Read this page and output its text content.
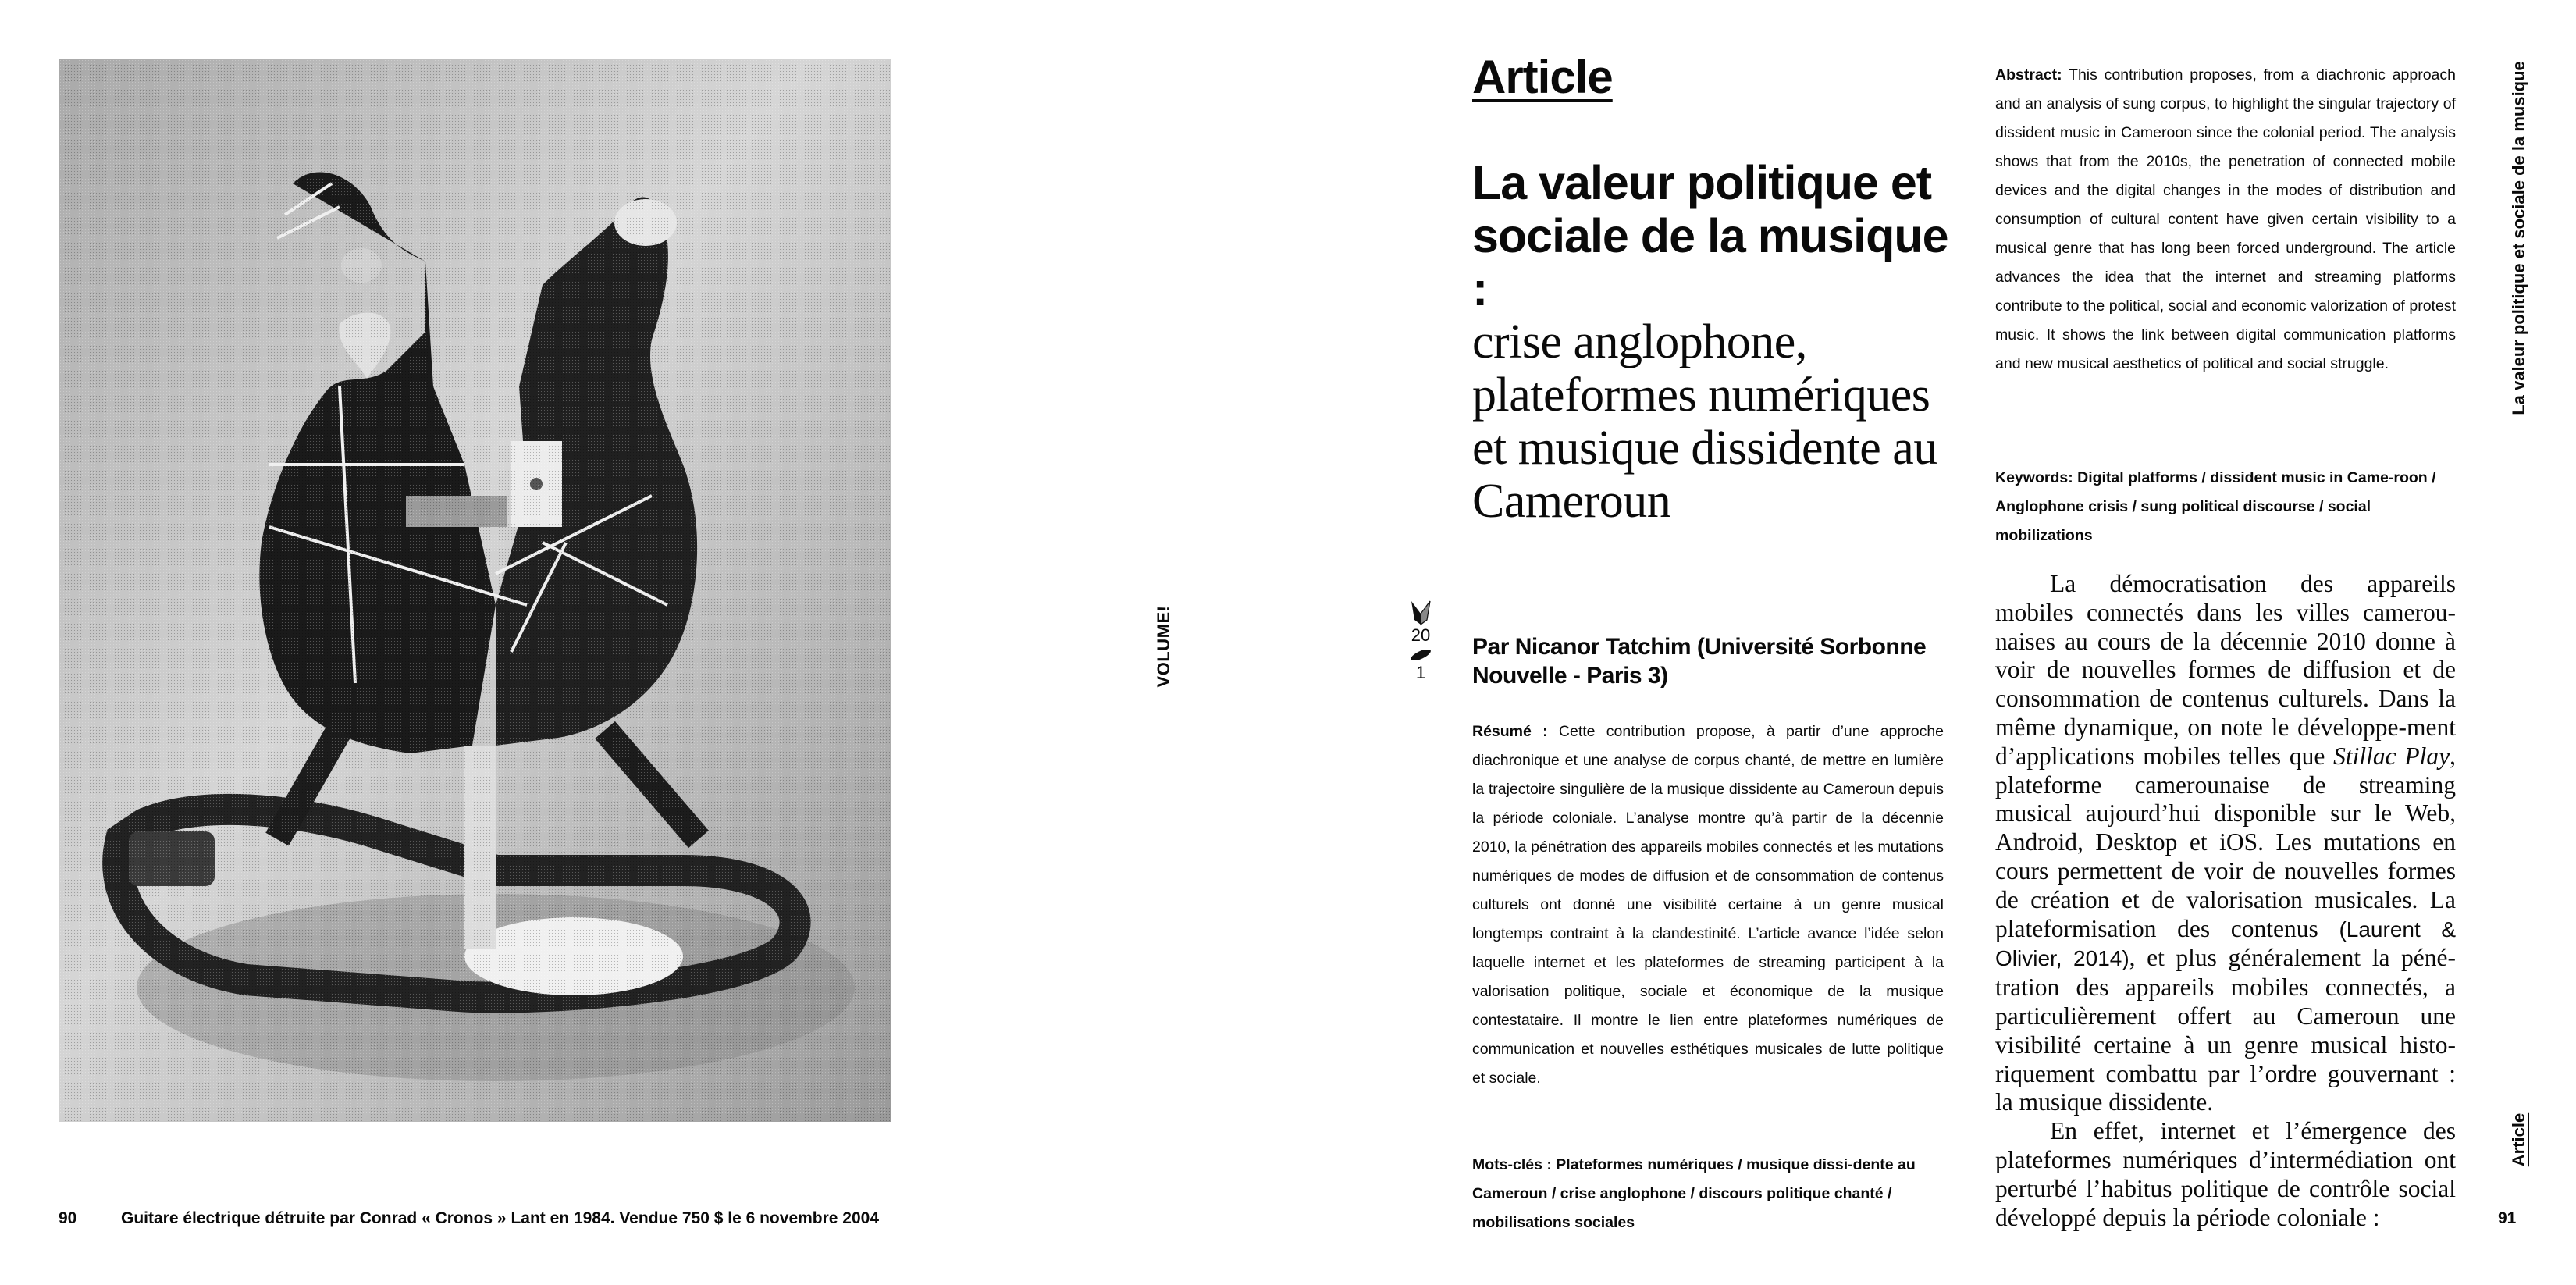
90	Guitare électrique détruite par Conrad « Cronos » Lant en 1984. Vendue 750 $ le 6 novembre 2004
VOLUME!	20
1
Article
La valeur politique et sociale de la musique :
crise anglophone, plateformes numériques et musique dissidente au Cameroun
Par Nicanor Tatchim (Université Sorbonne Nouvelle - Paris 3)
Résumé : Cette contribution propose, à partir d’une approche diachronique et une analyse de corpus chanté, de mettre en lumière la trajectoire singulière de la musique dissidente au Cameroun depuis la période coloniale. L’analyse montre qu’à partir de la décennie 2010, la pénétration des appareils mobiles connectés et les mutations numériques de modes de diffusion et de consommation de contenus culturels ont donné une visibilité certaine à un genre musical longtemps contraint à la clandestinité. L’article avance l’idée selon laquelle internet et les plateformes de streaming participent à la valorisation politique, sociale et économique de la musique contestataire. Il montre le lien entre plateformes numériques de communication et nouvelles esthétiques musicales de lutte politique et sociale.
Mots-clés : Plateformes numériques / musique dissi-dente au Cameroun / crise anglophone / discours politique chanté / mobilisations sociales
Abstract: This contribution proposes, from a diachronic approach and an analysis of sung corpus, to highlight the singular trajectory of dissident music in Cameroon since the colonial period. The analysis shows that from the 2010s, the penetration of connected mobile devices and the digital changes in the modes of distribution and consumption of cultural content have given certain visibility to a musical genre that has long been forced underground. The article advances the idea that the internet and streaming platforms contribute to the political, social and economic valorization of protest music. It shows the link between digital communication platforms and new musical aesthetics of political and social struggle.
Keywords: Digital platforms / dissident music in Came-roon / Anglophone crisis / sung political discourse / social mobilizations

La démocratisation des appareils mobiles connectés dans les villes camerou-naises au cours de la décennie 2010 donne à voir de nouvelles formes de diffusion et de consommation de contenus culturels. Dans la même dynamique, on note le développe-ment d’applications mobiles telles que Stillac Play, plateforme camerounaise de streaming musical aujourd’hui disponible sur le Web, Android, Desktop et iOS. Les mutations en cours permettent de voir de nouvelles formes de création et de valorisation musicales. La plateformisation des contenus (Laurent & Olivier, 2014), et plus généralement la péné-tration des appareils mobiles connectés, a particulièrement offert au Cameroun une visibilité certaine à un genre musical histo-riquement combattu par l’ordre gouvernant : la musique dissidente.

En effet, internet et l’émergence des plateformes numériques d’intermédiation ont perturbé l’habitus politique de contrôle social développé depuis la période coloniale :

La valeur politique et sociale de la musique
Article
91
